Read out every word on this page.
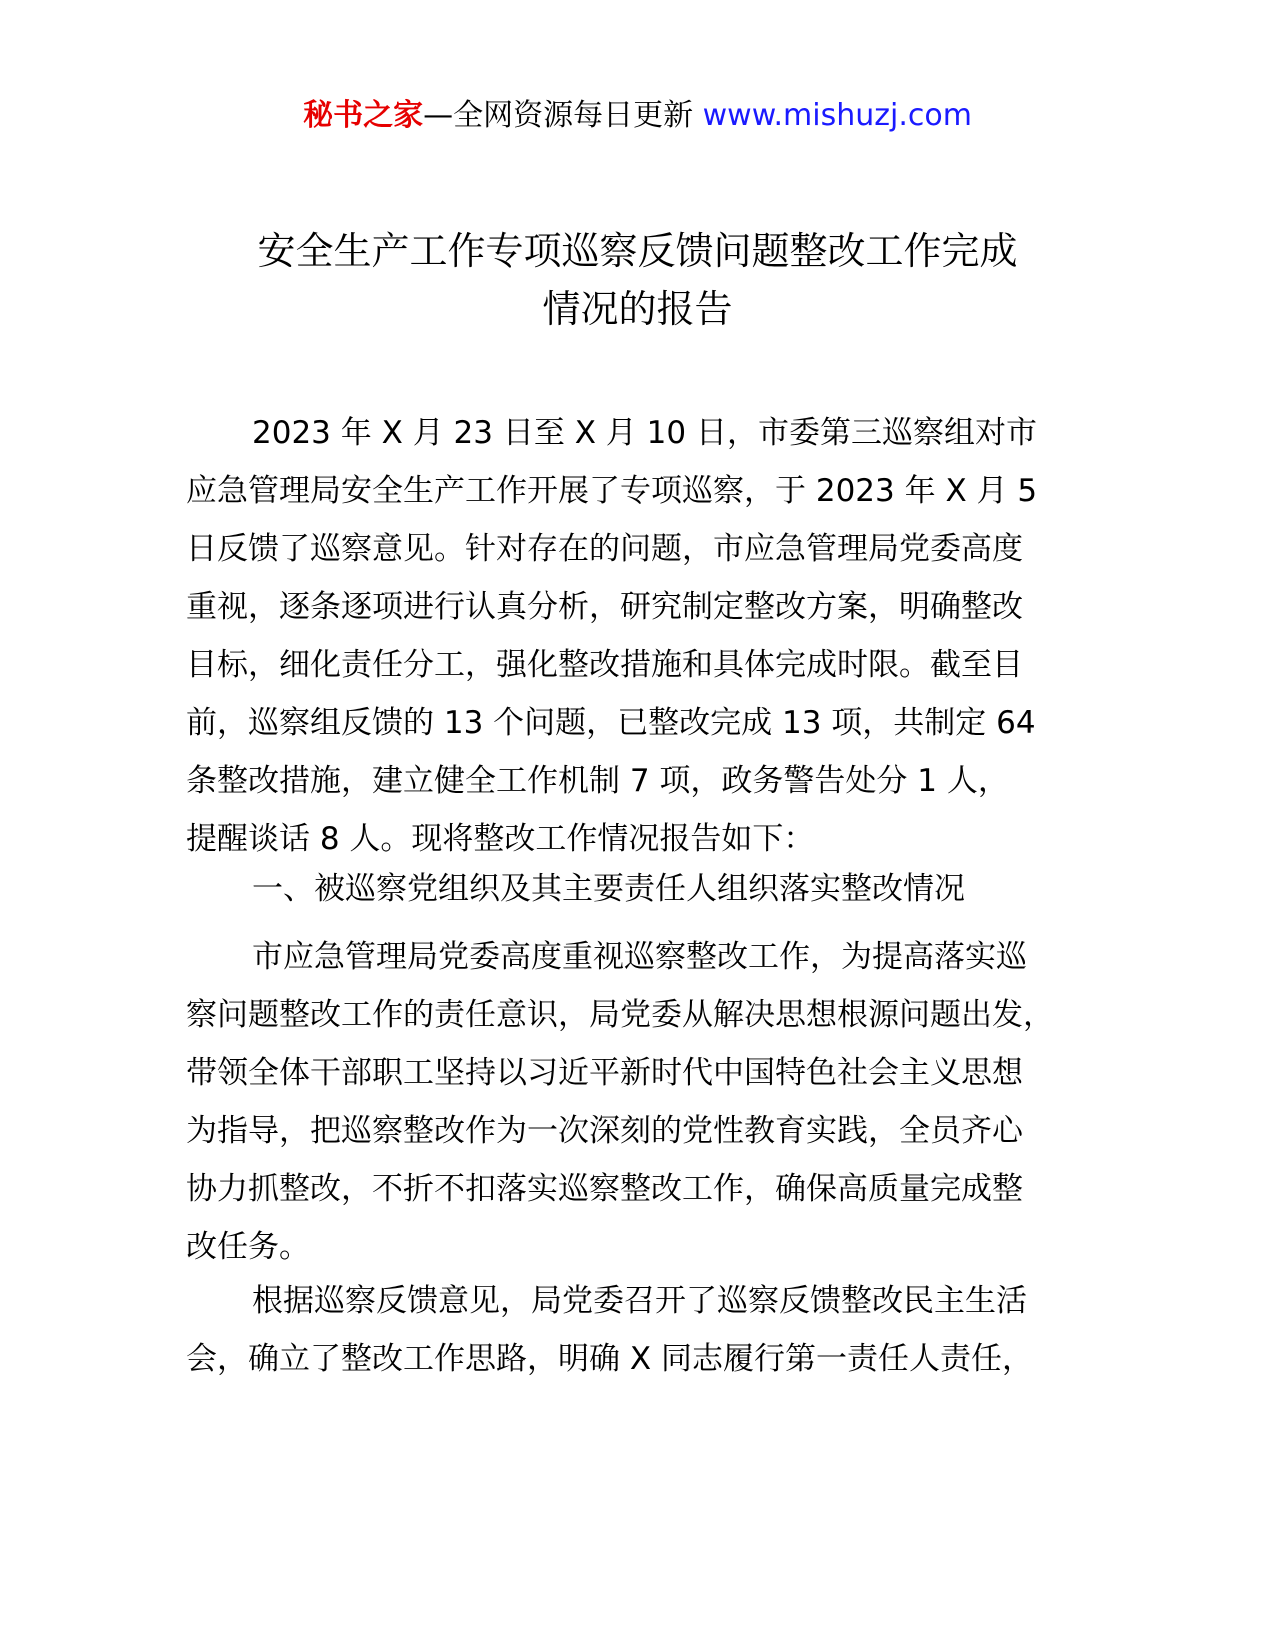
秘书之家—全网资源每日更新 www.mishuzj.com
安全生产工作专项巡察反馈问题整改工作完成
情况的报告
2023 年 X 月 23 日至 X 月 10 日，市委第三巡察组对市
应急管理局安全生产工作开展了专项巡察，于 2023 年 X 月 5
日反馈了巡察意见。针对存在的问题，市应急管理局党委高度
重视，逐条逐项进行认真分析，研究制定整改方案，明确整改
目标，细化责任分工，强化整改措施和具体完成时限。截至目
前，巡察组反馈的 13 个问题，已整改完成 13 项，共制定 64
条整改措施，建立健全工作机制 7 项，政务警告处分 1 人，
提醒谈话 8 人。现将整改工作情况报告如下：
一、被巡察党组织及其主要责任人组织落实整改情况
市应急管理局党委高度重视巡察整改工作，为提高落实巡
察问题整改工作的责任意识，局党委从解决思想根源问题出发，
带领全体干部职工坚持以习近平新时代中国特色社会主义思想
为指导，把巡察整改作为一次深刻的党性教育实践，全员齐心
协力抓整改，不折不扣落实巡察整改工作，确保高质量完成整
改任务。
根据巡察反馈意见，局党委召开了巡察反馈整改民主生活
会，确立了整改工作思路，明确 X 同志履行第一责任人责任，
